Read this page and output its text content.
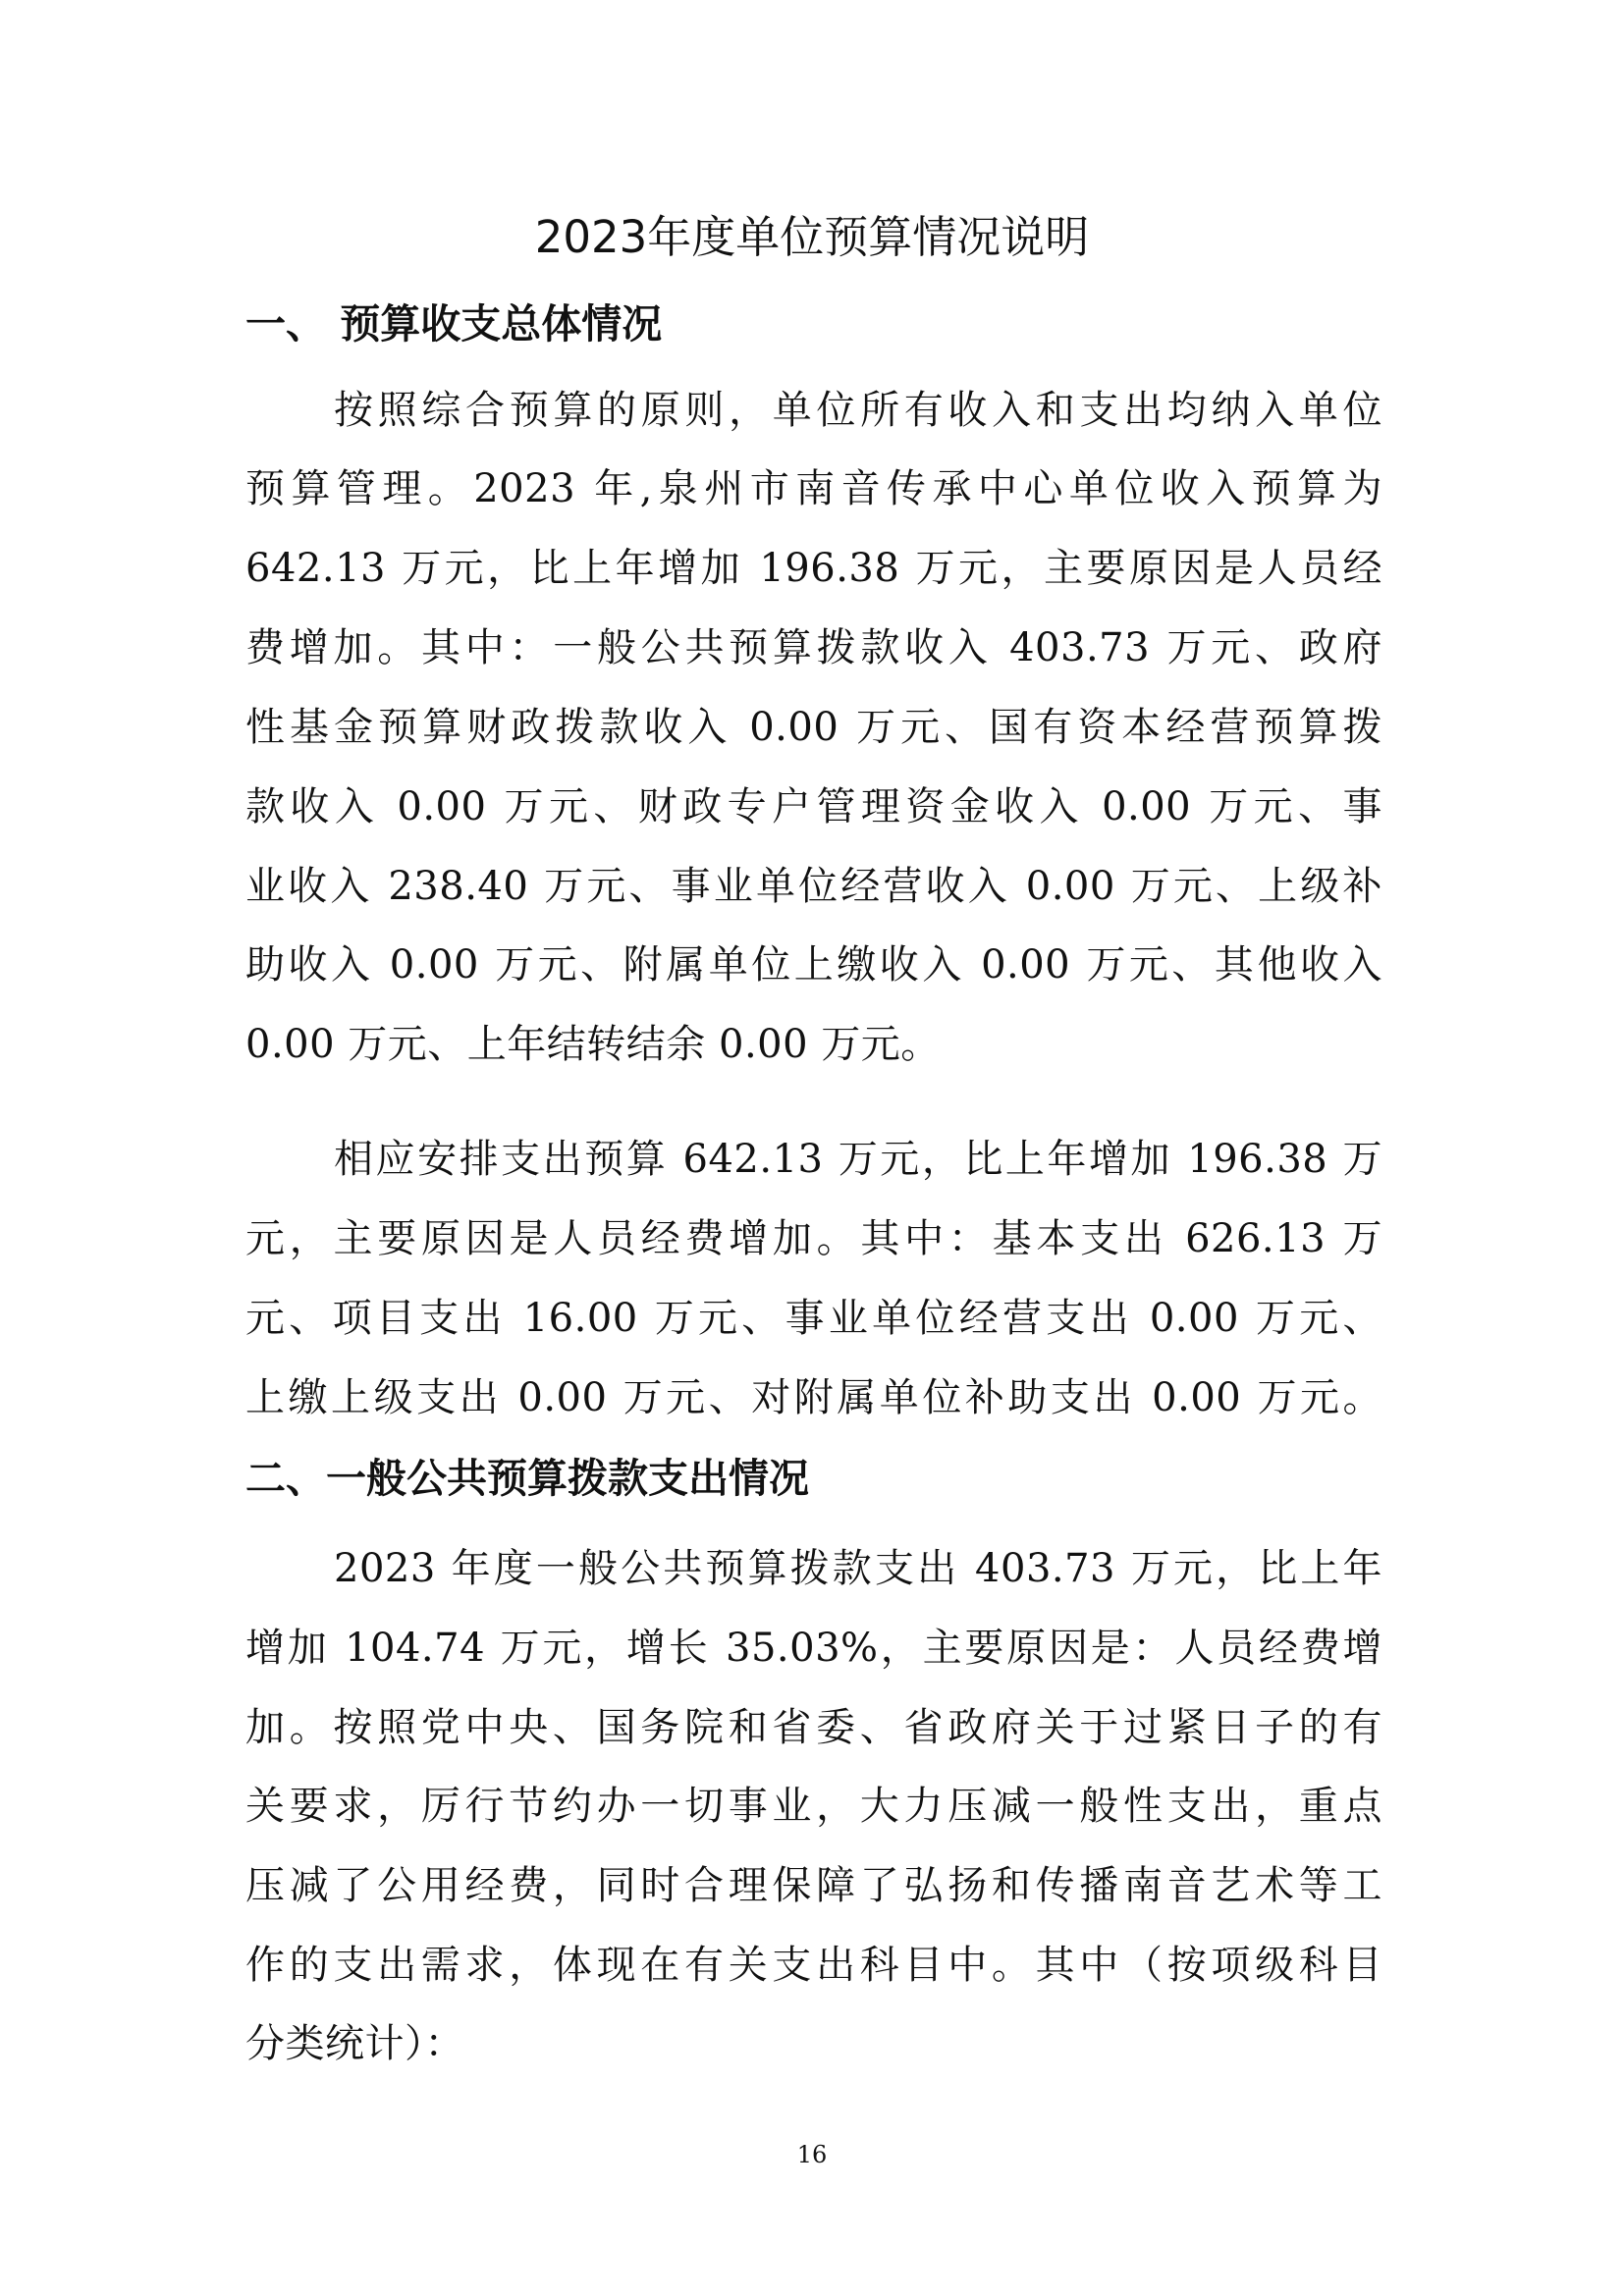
2023年度单位预算情况说明
一、 预算收支总体情况

按照综合预算的原则，单位所有收入和支出均纳入单位

预算管理。2023 年,泉州市南音传承中心单位收入预算为

642.13 万元，比上年增加 196.38 万元，主要原因是人员经

费增加。其中：一般公共预算拨款收入 403.73 万元、政府

性基金预算财政拨款收入 0.00 万元、国有资本经营预算拨

款收入 0.00 万元、财政专户管理资金收入 0.00 万元、事

业收入 238.40 万元、事业单位经营收入 0.00 万元、上级补

助收入 0.00 万元、附属单位上缴收入 0.00 万元、其他收入

0.00 万元、上年结转结余 0.00 万元。

相应安排支出预算 642.13 万元，比上年增加 196.38 万

元，主要原因是人员经费增加。其中：基本支出 626.13 万

元、项目支出 16.00 万元、事业单位经营支出 0.00 万元、

上缴上级支出 0.00 万元、对附属单位补助支出 0.00 万元。

二、一般公共预算拨款支出情况

2023 年度一般公共预算拨款支出 403.73 万元，比上年

增加 104.74 万元，增长 35.03%，主要原因是：人员经费增

加。按照党中央、国务院和省委、省政府关于过紧日子的有

关要求，厉行节约办一切事业，大力压减一般性支出，重点

压减了公用经费，同时合理保障了弘扬和传播南音艺术等工

作的支出需求，体现在有关支出科目中。其中（按项级科目

分类统计）：

16
